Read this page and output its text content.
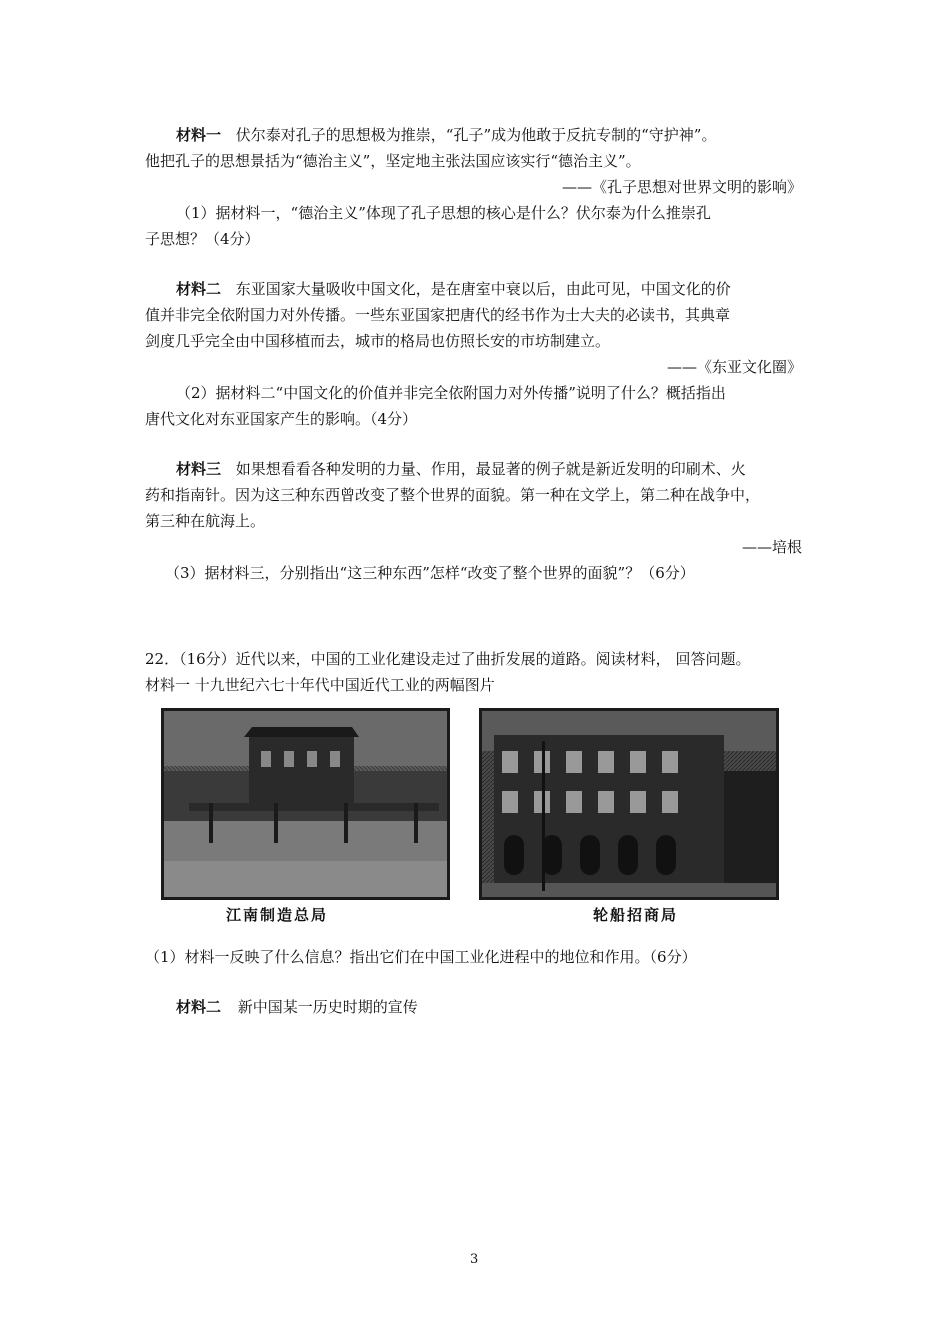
材料一 伏尔泰对孔子的思想极为推崇，“孔子”成为他敢于反抗专制的“守护神”。
他把孔子的思想景括为“德治主义”，坚定地主张法国应该实行“德治主义”。
——《孔子思想对世界文明的影响》
（1）据材料一，“德治主义”体现了孔子思想的核心是什么？伏尔泰为什么推崇孔
子思想？（4分）
材料二 东亚国家大量吸收中国文化，是在唐室中衰以后，由此可见，中国文化的价
值并非完全依附国力对外传播。一些东亚国家把唐代的经书作为士大夫的必读书，其典章
剑度几乎完全由中国移植而去，城市的格局也仿照长安的市坊制建立。
——《东亚文化圈》
（2）据材料二“中国文化的价值并非完全依附国力对外传播”说明了什么？概括指出
唐代文化对东亚国家产生的影响。（4分）
材料三 如果想看看各种发明的力量、作用，最显著的例子就是新近发明的印刷术、火
药和指南针。因为这三种东西曾改变了整个世界的面貌。第一种在文学上，第二种在战争中，
第三种在航海上。
——培根
（3）据材料三，分别指出“这三种东西”怎样“改变了整个世界的面貌”？（6分）
22．（16分）近代以来，中国的工业化建设走过了曲折发展的道路。阅读材料， 回答问题。
材料一 十九世纪六七十年代中国近代工业的两幅图片
江南制造总局	轮船招商局
（1）材料一反映了什么信息？指出它们在中国工业化进程中的地位和作用。（6分）
材料二 新中国某一历史时期的宣传
3
